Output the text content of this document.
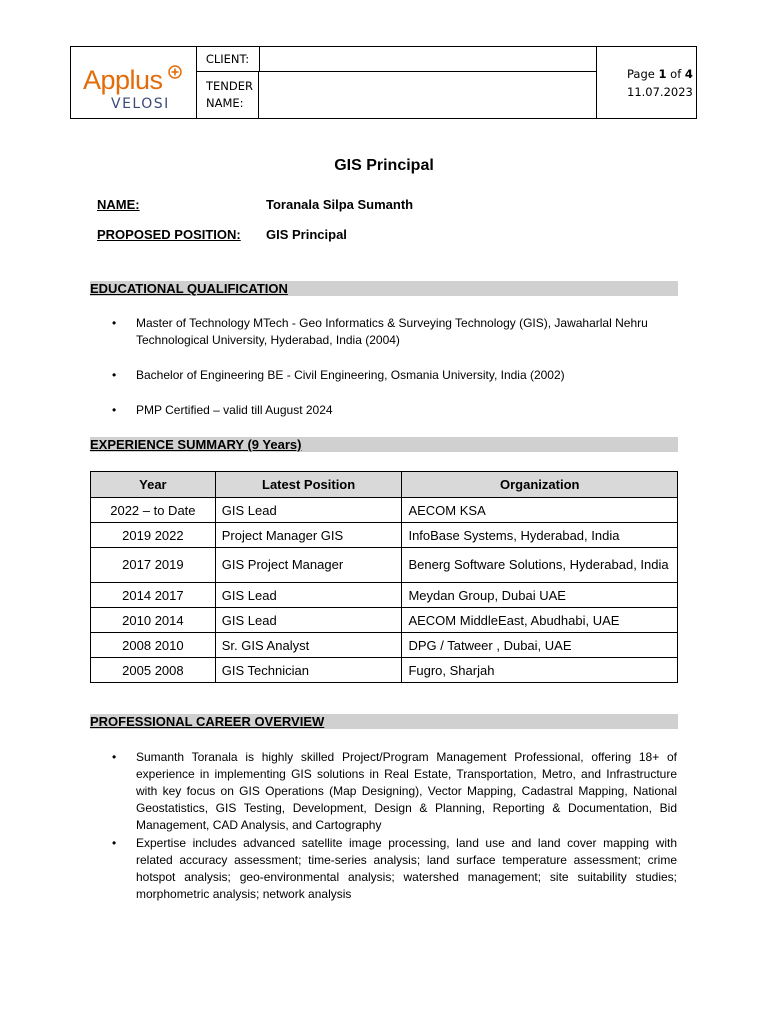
Applus
VELOSI
CLIENT:
TENDER
NAME:
Page 1 of 4
11.07.2023
GIS Principal
NAME:	Toranala Silpa Sumanth
PROPOSED POSITION: GIS Principal
EDUCATIONAL QUALIFICATION
• Master of Technology MTech - Geo Informatics & Surveying Technology (GIS), Jawaharlal Nehru Technological University, Hyderabad, India (2004)
• Bachelor of Engineering BE - Civil Engineering, Osmania University, India (2002)
• PMP Certified – valid till August 2024
EXPERIENCE SUMMARY (9 Years)
Year	Latest Position	Organization
2022 – to Date	GIS Lead	AECOM KSA
2019 2022	Project Manager GIS	InfoBase Systems, Hyderabad, India
2017 2019	GIS Project Manager	Benerg Software Solutions, Hyderabad, India
2014 2017	GIS Lead	Meydan Group, Dubai UAE
2010 2014	GIS Lead	AECOM MiddleEast, Abudhabi, UAE
2008 2010	Sr. GIS Analyst	DPG / Tatweer , Dubai, UAE
2005 2008	GIS Technician	Fugro, Sharjah
PROFESSIONAL CAREER OVERVIEW
• Sumanth Toranala is highly skilled Project/Program Management Professional, offering 18+ of experience in implementing GIS solutions in Real Estate, Transportation, Metro, and Infrastructure with key focus on GIS Operations (Map Designing), Vector Mapping, Cadastral Mapping, National Geostatistics, GIS Testing, Development, Design & Planning, Reporting & Documentation, Bid Management, CAD Analysis, and Cartography
• Expertise includes advanced satellite image processing, land use and land cover mapping with related accuracy assessment; time-series analysis; land surface temperature assessment; crime hotspot analysis; geo-environmental analysis; watershed management; site suitability studies; morphometric analysis; network analysis
